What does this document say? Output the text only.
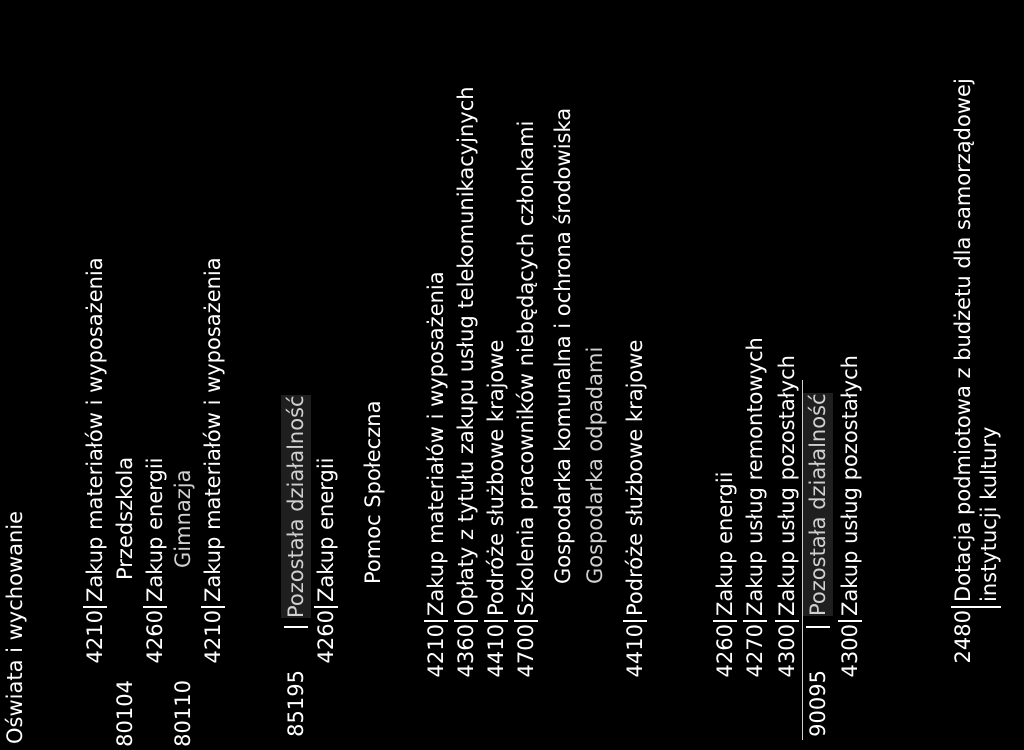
Oświata i wychowanie	4210
Zakup materiałów i wyposażenia
80104
Przedszkola
4260
Zakup energii
80110
Gimnazja
4210
Zakup materiałów i wyposażenia
85195
Pozostała działalność
4260
Zakup energii Pomoc Społeczna
4210
Zakup materiałów i wyposażenia
4360
Opłaty z tytułu zakupu usług telekomunikacyjnych
4410
Podróże służbowe krajowe
4700
Szkolenia pracowników niebędących członkami Gospodarka komunalna i ochrona środowiska Gospodarka odpadami
4410
Podróże służbowe krajowe
4260
Zakup energii
4270
Zakup usług remontowych
4300
Zakup usług pozostałych
90095
Pozostała działalność
4300
Zakup usług pozostałych
2480
Dotacja podmiotowa z budżetu dla samorządowej instytucji kultury
